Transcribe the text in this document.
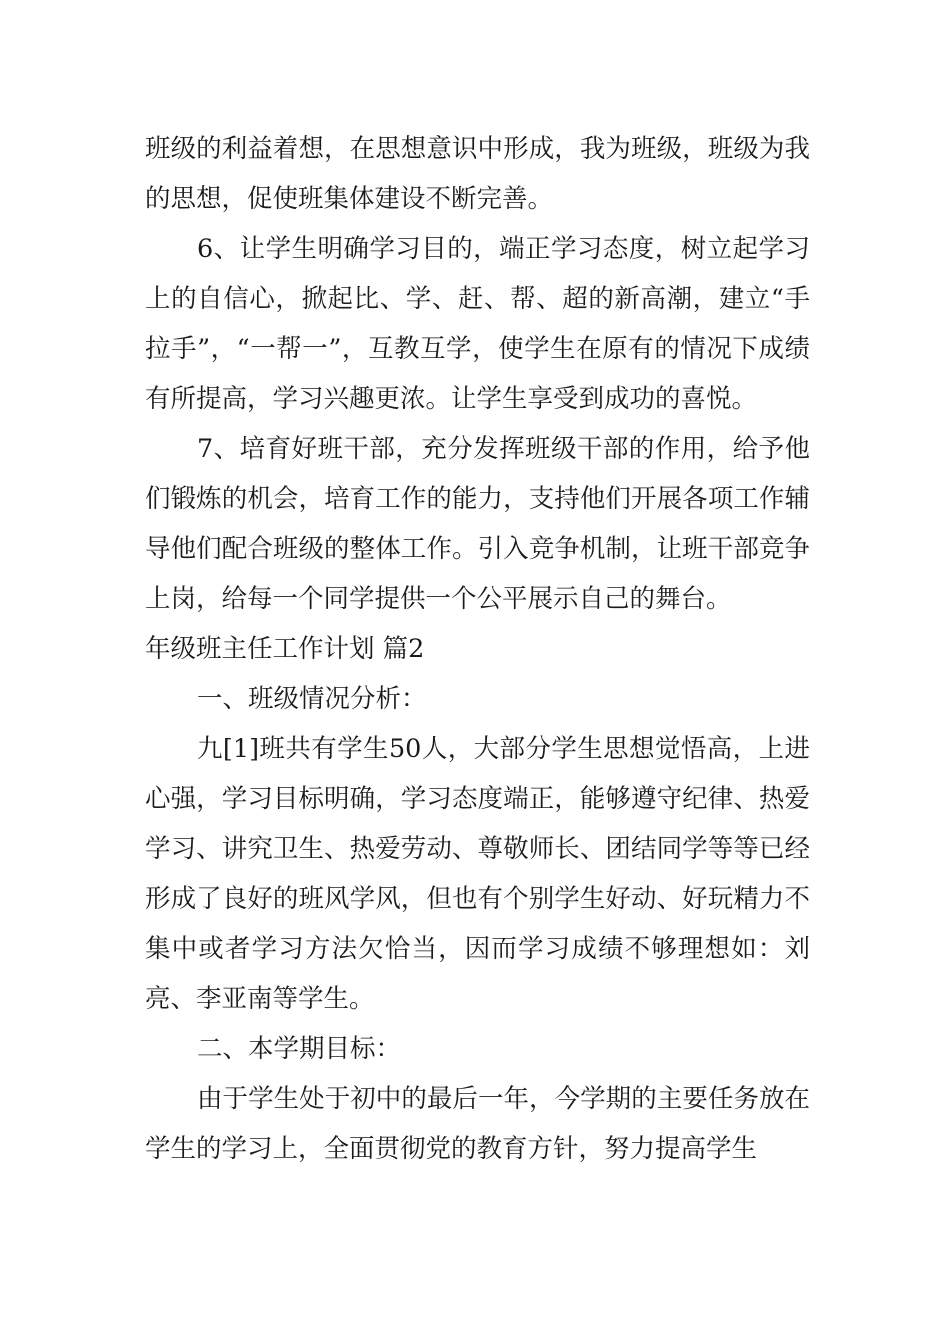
班级的利益着想，在思想意识中形成，我为班级，班级为我的思想，促使班集体建设不断完善。

6、让学生明确学习目的，端正学习态度，树立起学习上的自信心，掀起比、学、赶、帮、超的新高潮，建立“手拉手”，“一帮一”，互教互学，使学生在原有的情况下成绩有所提高，学习兴趣更浓。让学生享受到成功的喜悦。

7、培育好班干部，充分发挥班级干部的作用，给予他们锻炼的机会，培育工作的能力，支持他们开展各项工作辅导他们配合班级的整体工作。引入竞争机制，让班干部竞争上岗，给每一个同学提供一个公平展示自己的舞台。

年级班主任工作计划 篇2

一、班级情况分析：

九[1]班共有学生50人，大部分学生思想觉悟高，上进心强，学习目标明确，学习态度端正，能够遵守纪律、热爱学习、讲究卫生、热爱劳动、尊敬师长、团结同学等等已经形成了良好的班风学风，但也有个别学生好动、好玩精力不集中或者学习方法欠恰当，因而学习成绩不够理想如：刘亮、李亚南等学生。

二、本学期目标：

由于学生处于初中的最后一年，今学期的主要任务放在学生的学习上，全面贯彻党的教育方针，努力提高学生
